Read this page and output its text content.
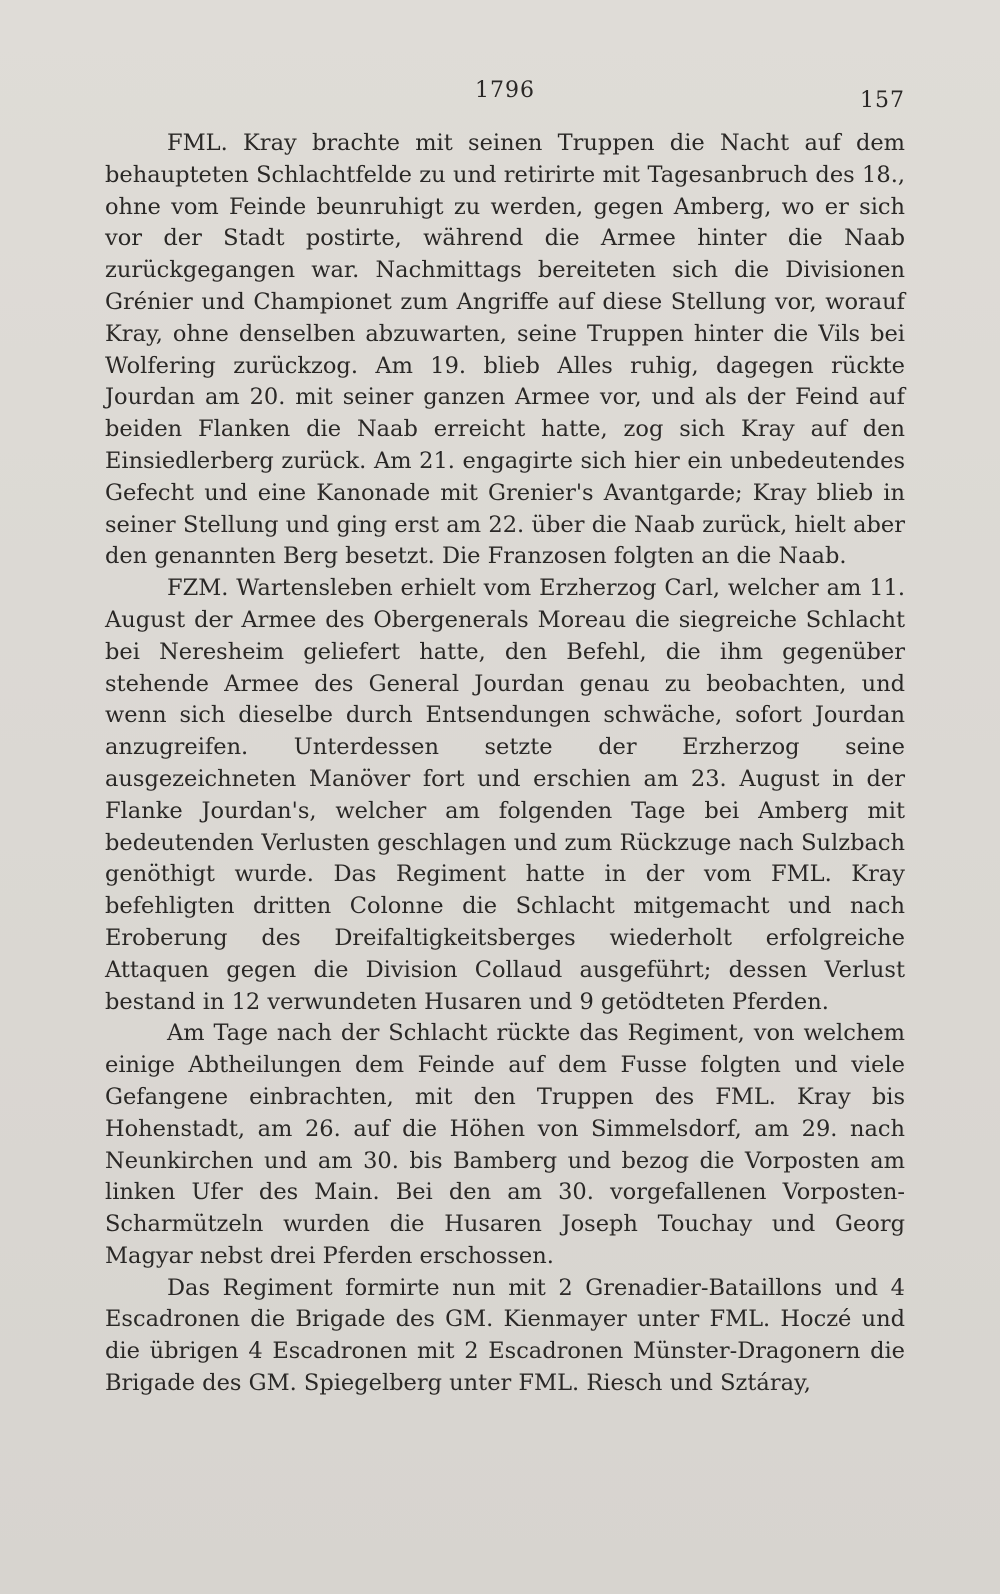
1796	157

FML. Kray brachte mit seinen Truppen die Nacht auf dem behaupteten Schlachtfelde zu und retirirte mit Tagesanbruch des 18., ohne vom Feinde beunruhigt zu werden, gegen Amberg, wo er sich vor der Stadt postirte, während die Armee hinter die Naab zurückgegangen war. Nachmittags bereiteten sich die Divisionen Grénier und Championet zum Angriffe auf diese Stellung vor, worauf Kray, ohne denselben abzuwarten, seine Truppen hinter die Vils bei Wolfering zurückzog. Am 19. blieb Alles ruhig, dagegen rückte Jourdan am 20. mit seiner ganzen Armee vor, und als der Feind auf beiden Flanken die Naab erreicht hatte, zog sich Kray auf den Einsiedlerberg zurück. Am 21. engagirte sich hier ein unbedeutendes Gefecht und eine Kanonade mit Grenier's Avantgarde; Kray blieb in seiner Stellung und ging erst am 22. über die Naab zurück, hielt aber den genannten Berg besetzt. Die Franzosen folgten an die Naab.

FZM. Wartensleben erhielt vom Erzherzog Carl, welcher am 11. August der Armee des Obergenerals Moreau die siegreiche Schlacht bei Neresheim geliefert hatte, den Befehl, die ihm gegenüber stehende Armee des General Jourdan genau zu beobachten, und wenn sich dieselbe durch Entsendungen schwäche, sofort Jourdan anzugreifen. Unterdessen setzte der Erzherzog seine ausgezeichneten Manöver fort und erschien am 23. August in der Flanke Jourdan's, welcher am folgenden Tage bei Amberg mit bedeutenden Verlusten geschlagen und zum Rückzuge nach Sulzbach genöthigt wurde. Das Regiment hatte in der vom FML. Kray befehligten dritten Colonne die Schlacht mitgemacht und nach Eroberung des Dreifaltigkeitsberges wiederholt erfolgreiche Attaquen gegen die Division Collaud ausgeführt; dessen Verlust bestand in 12 verwundeten Husaren und 9 getödteten Pferden.

Am Tage nach der Schlacht rückte das Regiment, von welchem einige Abtheilungen dem Feinde auf dem Fusse folgten und viele Gefangene einbrachten, mit den Truppen des FML. Kray bis Hohenstadt, am 26. auf die Höhen von Simmelsdorf, am 29. nach Neunkirchen und am 30. bis Bamberg und bezog die Vorposten am linken Ufer des Main. Bei den am 30. vorgefallenen Vorposten-Scharmützeln wurden die Husaren Joseph Touchay und Georg Magyar nebst drei Pferden erschossen.

Das Regiment formirte nun mit 2 Grenadier-Bataillons und 4 Escadronen die Brigade des GM. Kienmayer unter FML. Hoczé und die übrigen 4 Escadronen mit 2 Escadronen Münster-Dragonern die Brigade des GM. Spiegelberg unter FML. Riesch und Sztáray,
